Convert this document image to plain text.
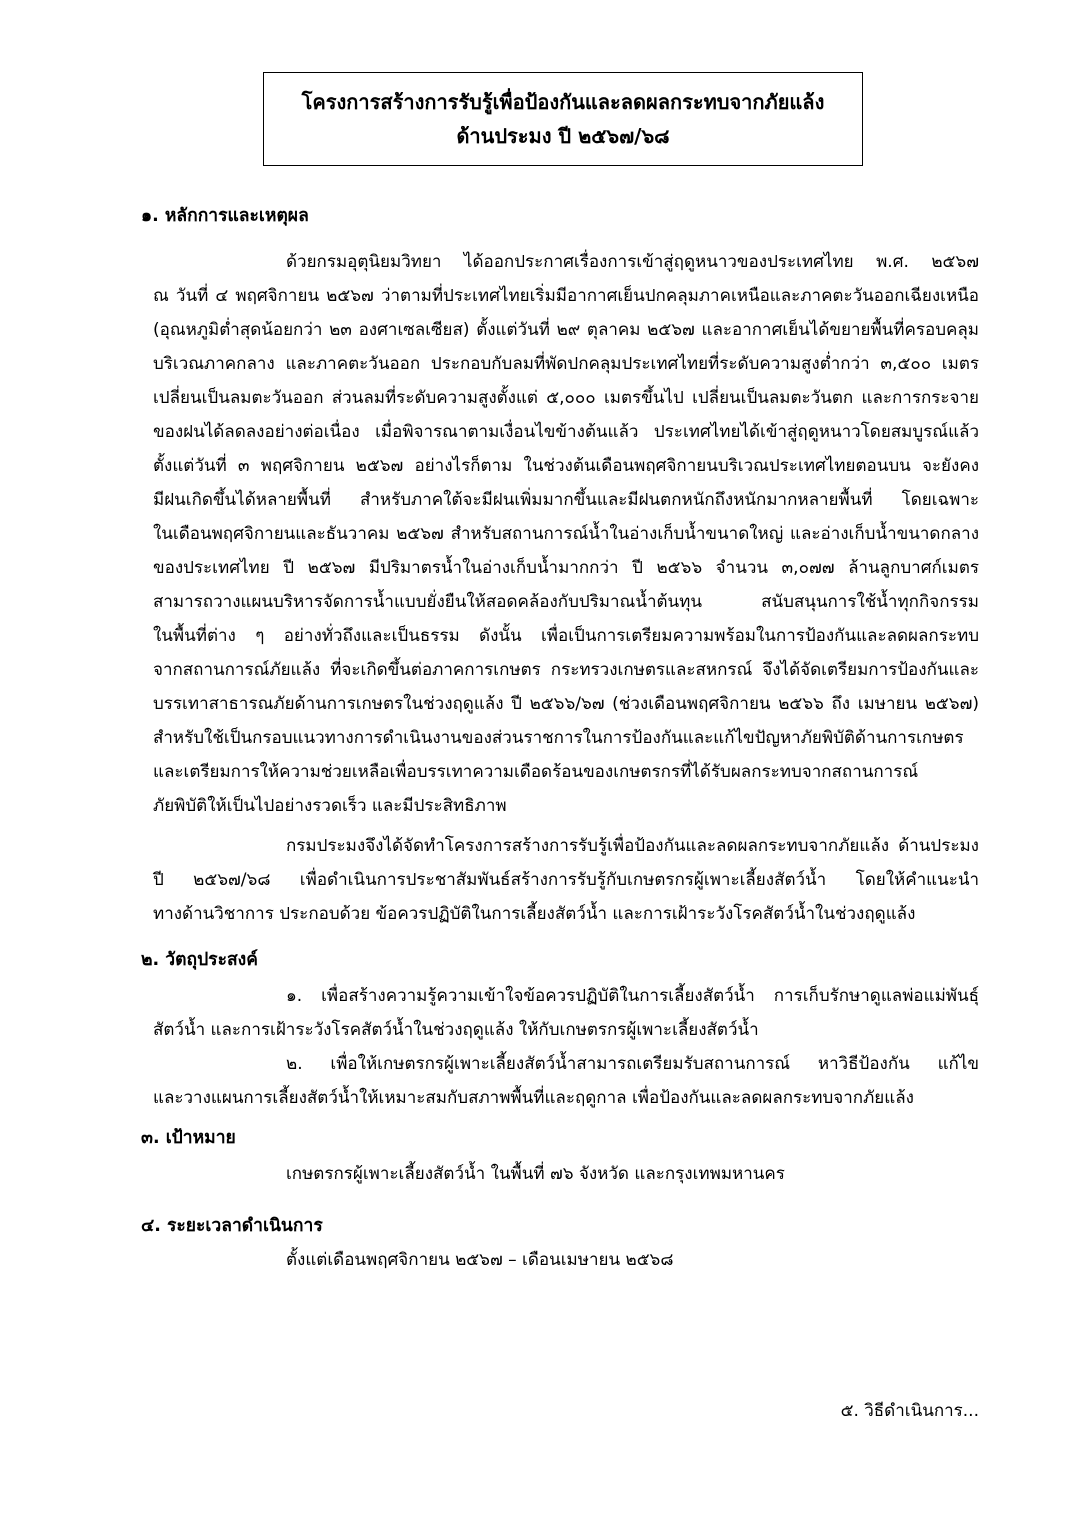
โครงการสร้างการรับรู้เพื่อป้องกันและลดผลกระทบจากภัยแล้ง
ด้านประมง ปี ๒๕๖๗/๖๘
๑. หลักการและเหตุผล
ด้วยกรมอุตุนิยมวิทยา ได้ออกประกาศเรื่องการเข้าสู่ฤดูหนาวของประเทศไทย พ.ศ. ๒๕๖๗
ณ วันที่ ๔ พฤศจิกายน ๒๕๖๗ ว่าตามที่ประเทศไทยเริ่มมีอากาศเย็นปกคลุมภาคเหนือและภาคตะวันออกเฉียงเหนือ
(อุณหภูมิต่ำสุดน้อยกว่า ๒๓ องศาเซลเซียส) ตั้งแต่วันที่ ๒๙ ตุลาคม ๒๕๖๗ และอากาศเย็นได้ขยายพื้นที่ครอบคลุม
บริเวณภาคกลาง และภาคตะวันออก ประกอบกับลมที่พัดปกคลุมประเทศไทยที่ระดับความสูงต่ำกว่า ๓,๕๐๐ เมตร
เปลี่ยนเป็นลมตะวันออก ส่วนลมที่ระดับความสูงตั้งแต่ ๕,๐๐๐ เมตรขึ้นไป เปลี่ยนเป็นลมตะวันตก และการกระจาย
ของฝนได้ลดลงอย่างต่อเนื่อง เมื่อพิจารณาตามเงื่อนไขข้างต้นแล้ว ประเทศไทยได้เข้าสู่ฤดูหนาวโดยสมบูรณ์แล้ว
ตั้งแต่วันที่ ๓ พฤศจิกายน ๒๕๖๗ อย่างไรก็ตาม ในช่วงต้นเดือนพฤศจิกายนบริเวณประเทศไทยตอนบน จะยังคง
มีฝนเกิดขึ้นได้หลายพื้นที่ สำหรับภาคใต้จะมีฝนเพิ่มมากขึ้นและมีฝนตกหนักถึงหนักมากหลายพื้นที่ โดยเฉพาะ
ในเดือนพฤศจิกายนและธันวาคม ๒๕๖๗ สำหรับสถานการณ์น้ำในอ่างเก็บน้ำขนาดใหญ่ และอ่างเก็บน้ำขนาดกลาง
ของประเทศไทย ปี ๒๕๖๗ มีปริมาตรน้ำในอ่างเก็บน้ำมากกว่า ปี ๒๕๖๖ จำนวน ๓,๐๗๗ ล้านลูกบาศก์เมตร
สามารถวางแผนบริหารจัดการน้ำแบบยั่งยืนให้สอดคล้องกับปริมาณน้ำต้นทุน สนับสนุนการใช้น้ำทุกกิจกรรม
ในพื้นที่ต่าง ๆ อย่างทั่วถึงและเป็นธรรม ดังนั้น เพื่อเป็นการเตรียมความพร้อมในการป้องกันและลดผลกระทบ
จากสถานการณ์ภัยแล้ง ที่จะเกิดขึ้นต่อภาคการเกษตร กระทรวงเกษตรและสหกรณ์ จึงได้จัดเตรียมการป้องกันและ
บรรเทาสาธารณภัยด้านการเกษตรในช่วงฤดูแล้ง ปี ๒๕๖๖/๖๗ (ช่วงเดือนพฤศจิกายน ๒๕๖๖ ถึง เมษายน ๒๕๖๗)
สำหรับใช้เป็นกรอบแนวทางการดำเนินงานของส่วนราชการในการป้องกันและแก้ไขปัญหาภัยพิบัติด้านการเกษตร
และเตรียมการให้ความช่วยเหลือเพื่อบรรเทาความเดือดร้อนของเกษตรกรที่ได้รับผลกระทบจากสถานการณ์
ภัยพิบัติให้เป็นไปอย่างรวดเร็ว และมีประสิทธิภาพ
กรมประมงจึงได้จัดทำโครงการสร้างการรับรู้เพื่อป้องกันและลดผลกระทบจากภัยแล้ง ด้านประมง
ปี ๒๕๖๗/๖๘ เพื่อดำเนินการประชาสัมพันธ์สร้างการรับรู้กับเกษตรกรผู้เพาะเลี้ยงสัตว์น้ำ โดยให้คำแนะนำ
ทางด้านวิชาการ ประกอบด้วย ข้อควรปฏิบัติในการเลี้ยงสัตว์น้ำ และการเฝ้าระวังโรคสัตว์น้ำในช่วงฤดูแล้ง
๒. วัตถุประสงค์
๑. เพื่อสร้างความรู้ความเข้าใจข้อควรปฏิบัติในการเลี้ยงสัตว์น้ำ การเก็บรักษาดูแลพ่อแม่พันธุ์
สัตว์น้ำ และการเฝ้าระวังโรคสัตว์น้ำในช่วงฤดูแล้ง ให้กับเกษตรกรผู้เพาะเลี้ยงสัตว์น้ำ
๒. เพื่อให้เกษตรกรผู้เพาะเลี้ยงสัตว์น้ำสามารถเตรียมรับสถานการณ์ หาวิธีป้องกัน แก้ไข
และวางแผนการเลี้ยงสัตว์น้ำให้เหมาะสมกับสภาพพื้นที่และฤดูกาล เพื่อป้องกันและลดผลกระทบจากภัยแล้ง
๓. เป้าหมาย
เกษตรกรผู้เพาะเลี้ยงสัตว์น้ำ ในพื้นที่ ๗๖ จังหวัด และกรุงเทพมหานคร
๔. ระยะเวลาดำเนินการ
ตั้งแต่เดือนพฤศจิกายน ๒๕๖๗ – เดือนเมษายน ๒๕๖๘
๕. วิธีดำเนินการ...
